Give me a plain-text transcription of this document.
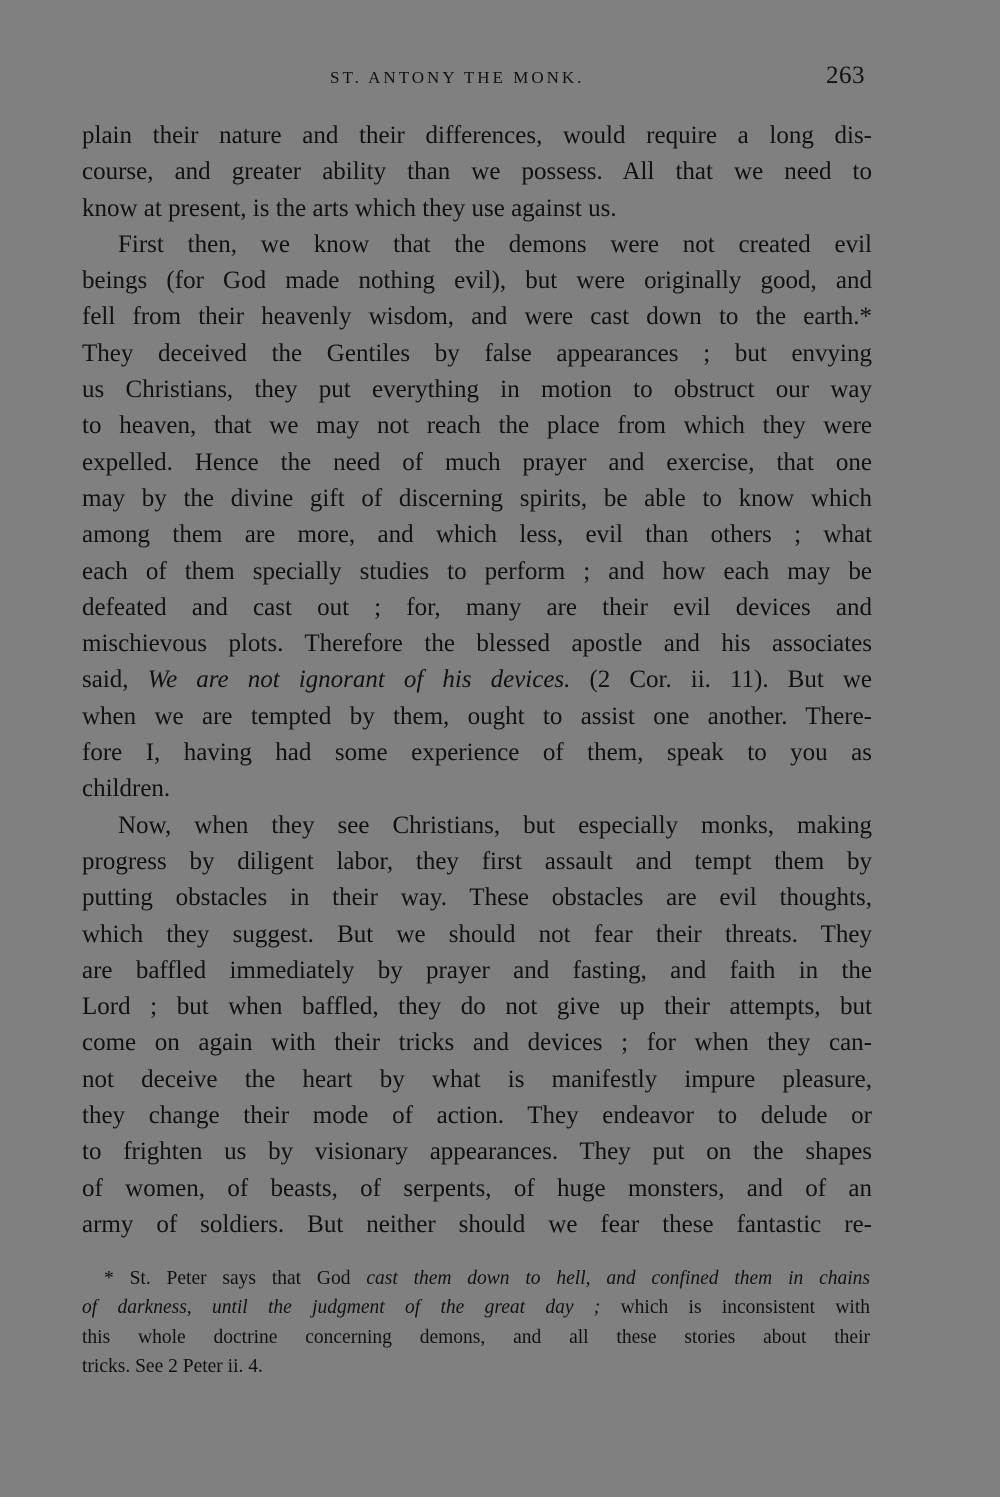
ST. ANTONY THE MONK.	263
plain their nature and their differences, would require a long dis-
course, and greater ability than we possess. All that we need to
know at present, is the arts which they use against us.
First then, we know that the demons were not created evil
beings (for God made nothing evil), but were originally good, and
fell from their heavenly wisdom, and were cast down to the earth.*
They deceived the Gentiles by false appearances ; but envying
us Christians, they put everything in motion to obstruct our way
to heaven, that we may not reach the place from which they were
expelled. Hence the need of much prayer and exercise, that one
may by the divine gift of discerning spirits, be able to know which
among them are more, and which less, evil than others ; what
each of them specially studies to perform ; and how each may be
defeated and cast out ; for, many are their evil devices and
mischievous plots. Therefore the blessed apostle and his associates
said, We are not ignorant of his devices. (2 Cor. ii. 11). But we
when we are tempted by them, ought to assist one another. There-
fore I, having had some experience of them, speak to you as
children.
Now, when they see Christians, but especially monks, making
progress by diligent labor, they first assault and tempt them by
putting obstacles in their way. These obstacles are evil thoughts,
which they suggest. But we should not fear their threats. They
are baffled immediately by prayer and fasting, and faith in the
Lord ; but when baffled, they do not give up their attempts, but
come on again with their tricks and devices ; for when they can-
not deceive the heart by what is manifestly impure pleasure,
they change their mode of action. They endeavor to delude or
to frighten us by visionary appearances. They put on the shapes
of women, of beasts, of serpents, of huge monsters, and of an
army of soldiers. But neither should we fear these fantastic re-
* St. Peter says that God cast them down to hell, and confined them in chains
of darkness, until the judgment of the great day ; which is inconsistent with
this whole doctrine concerning demons, and all these stories about their
tricks. See 2 Peter ii. 4.
